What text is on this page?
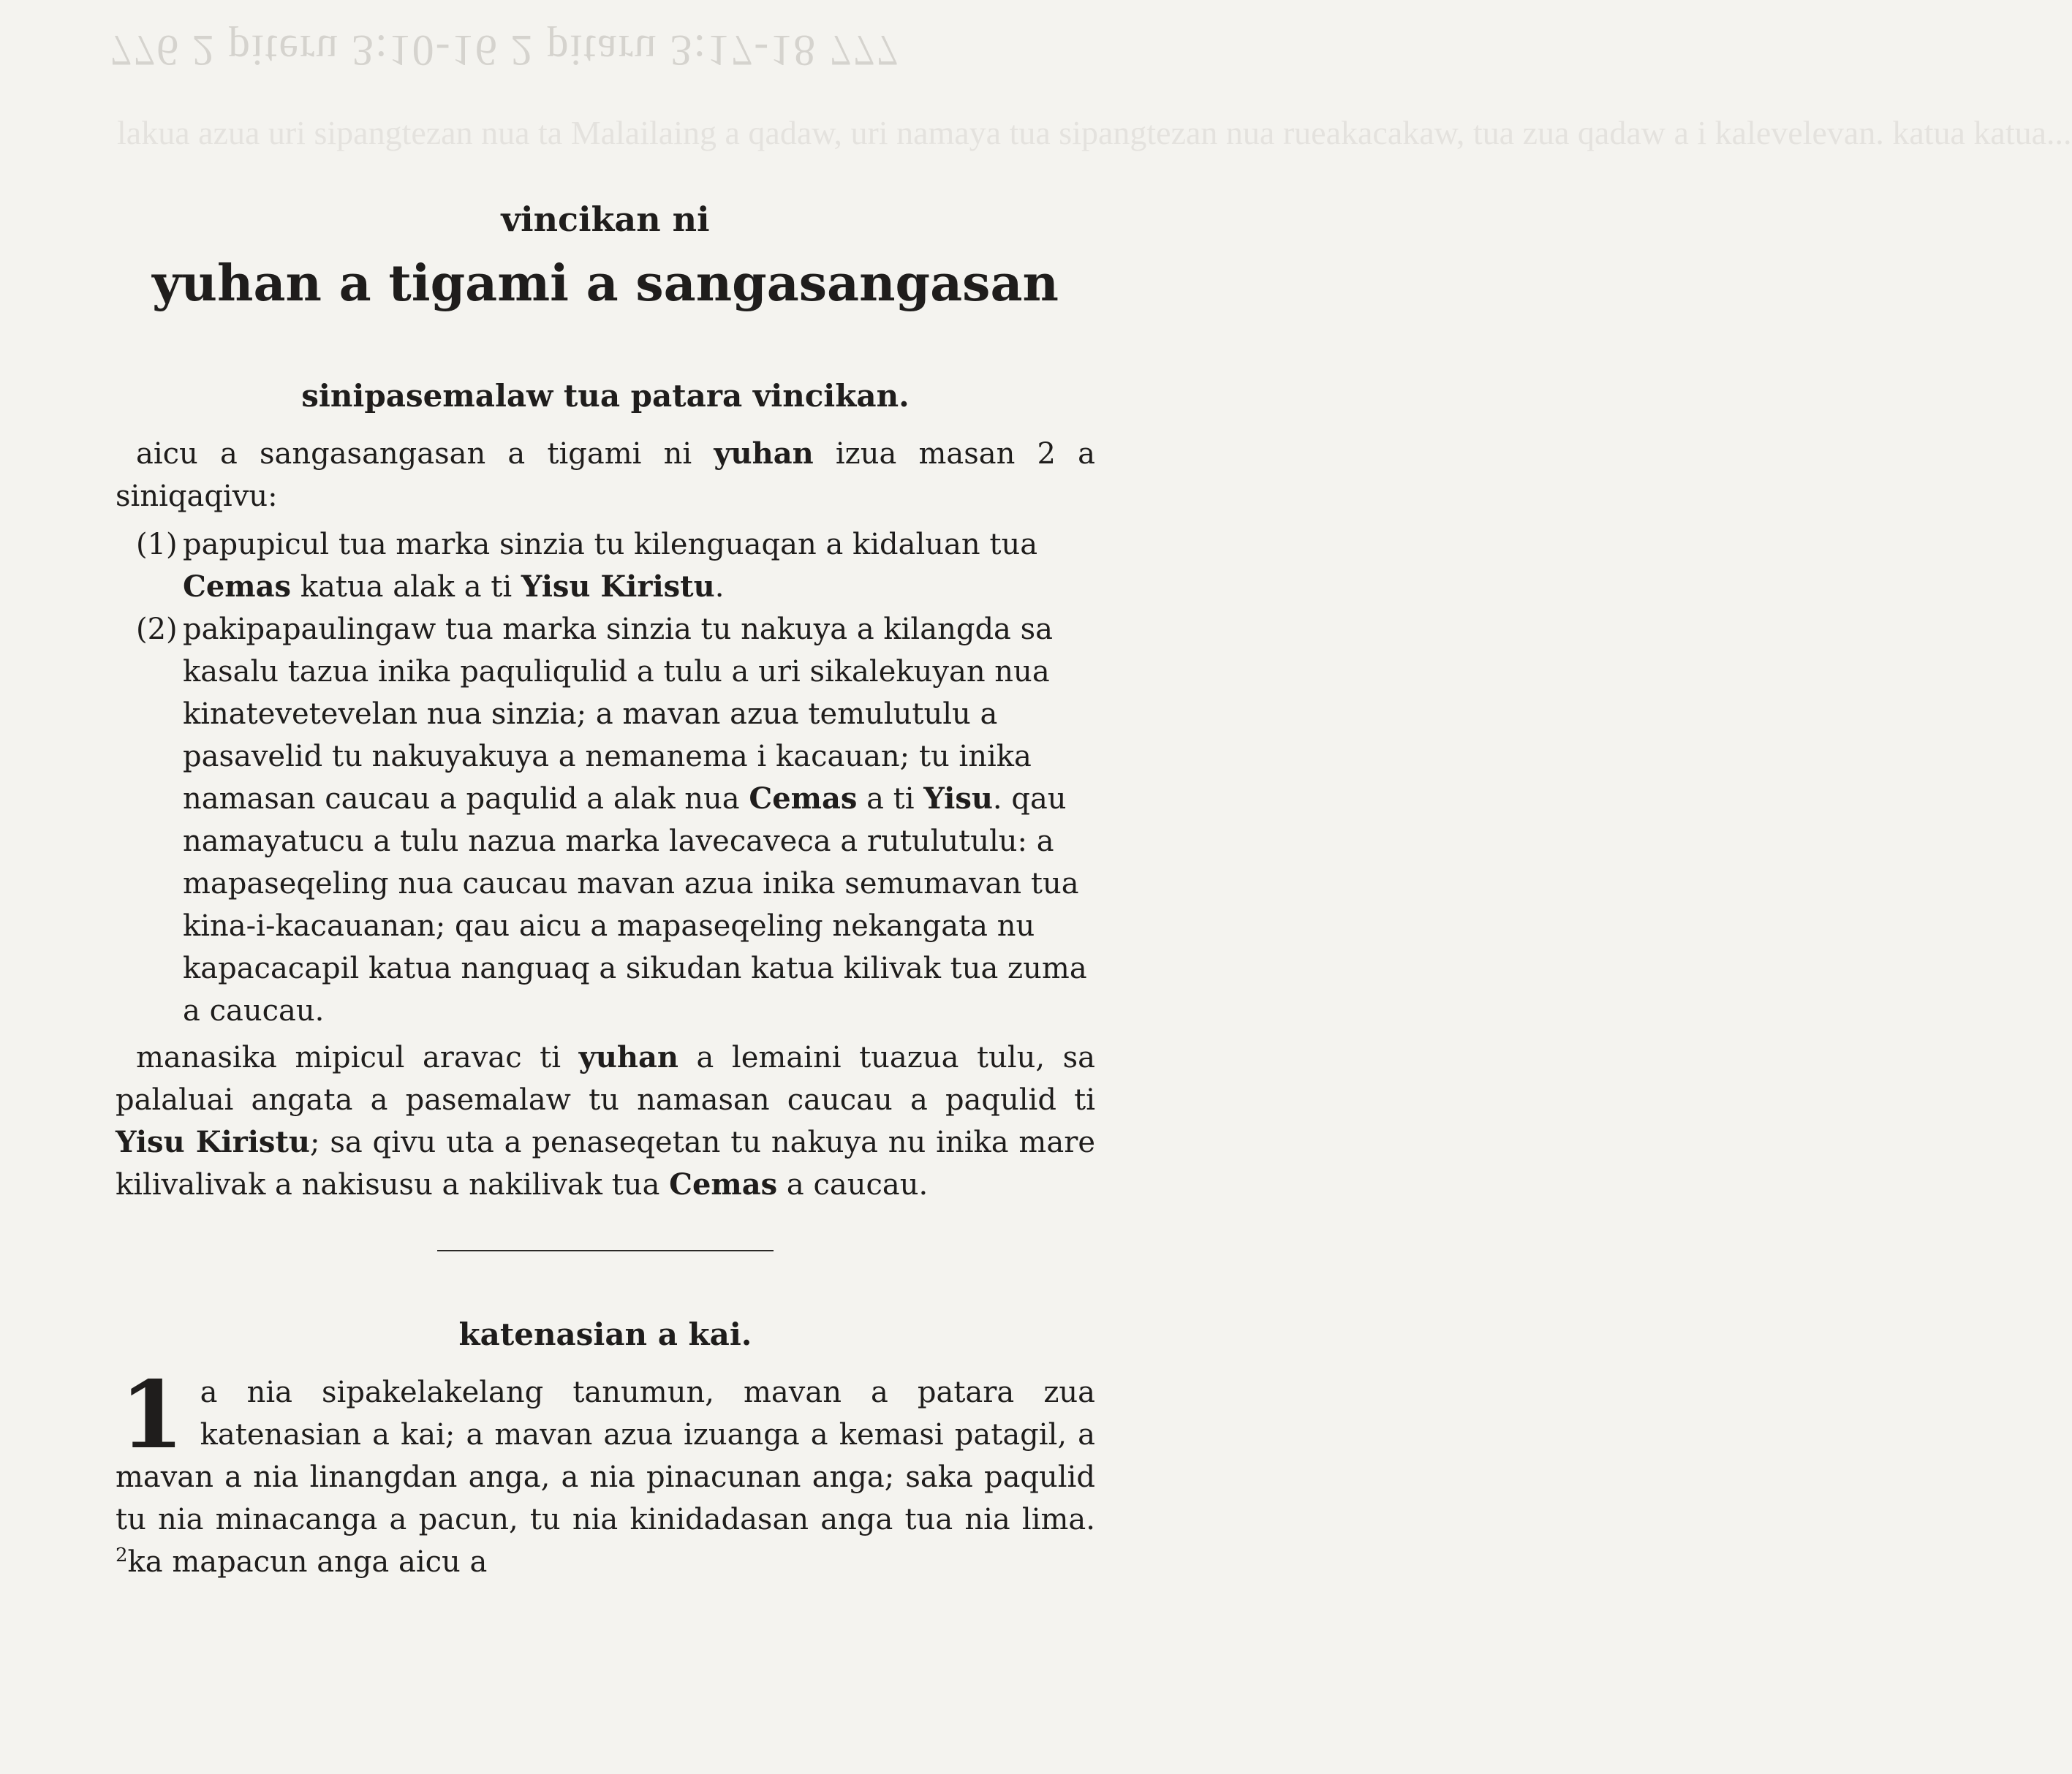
776 2 piteru 3:10-16 2 pitaru 3:17-18 777
lakua azua uri sipangtezan nua ta Malailaing a qadaw, uri namaya tua sipangtezan nua rueakacakaw, tua zua qadaw a i kalevelevan. katua katua...

vincikan ni

yuhan a tigami a sangasangasan
sinipasemalaw tua patara vincikan.

aicu a sangasangasan a tigami ni yuhan izua masan 2 a siniqaqivu:

(1) papupicul tua marka sinzia tu kilenguaqan a kidaluan tua Cemas katua alak a ti Yisu Kiristu.
(2) pakipapaulingaw tua marka sinzia tu nakuya a kilangda sa kasalu tazua inika paquliqulid a tulu a uri sikalekuyan nua kinatevetevelan nua sinzia; a mavan azua temulutulu a pasavelid tu nakuyakuya a nemanema i kacauan; tu inika namasan caucau a paqulid a alak nua Cemas a ti Yisu. qau namayatucu a tulu nazua marka lavecaveca a rutulutulu: a mapaseqeling nua caucau mavan azua inika semumavan tua kina-i-kacauanan; qau aicu a mapaseqeling nekangata nu kapacacapil katua nanguaq a sikudan katua kilivak tua zuma a caucau.

manasika mipicul aravac ti yuhan a lemaini tuazua tulu, sa palaluai angata a pasemalaw tu namasan caucau a paqulid ti Yisu Kiristu; sa qivu uta a penaseqetan tu nakuya nu inika mare kilivalivak a nakisusu a nakilivak tua Cemas a caucau.

katenasian a kai.

1 a nia sipakelakelang tanumun, mavan a patara zua katenasian a kai; a mavan azua izuanga a kemasi patagil, a mavan a nia linangdan anga, a nia pinacunan anga; saka paqulid tu nia minacanga a pacun, tu nia kinidadasan anga tua nia lima. $^2$ka mapacun anga aicu a
